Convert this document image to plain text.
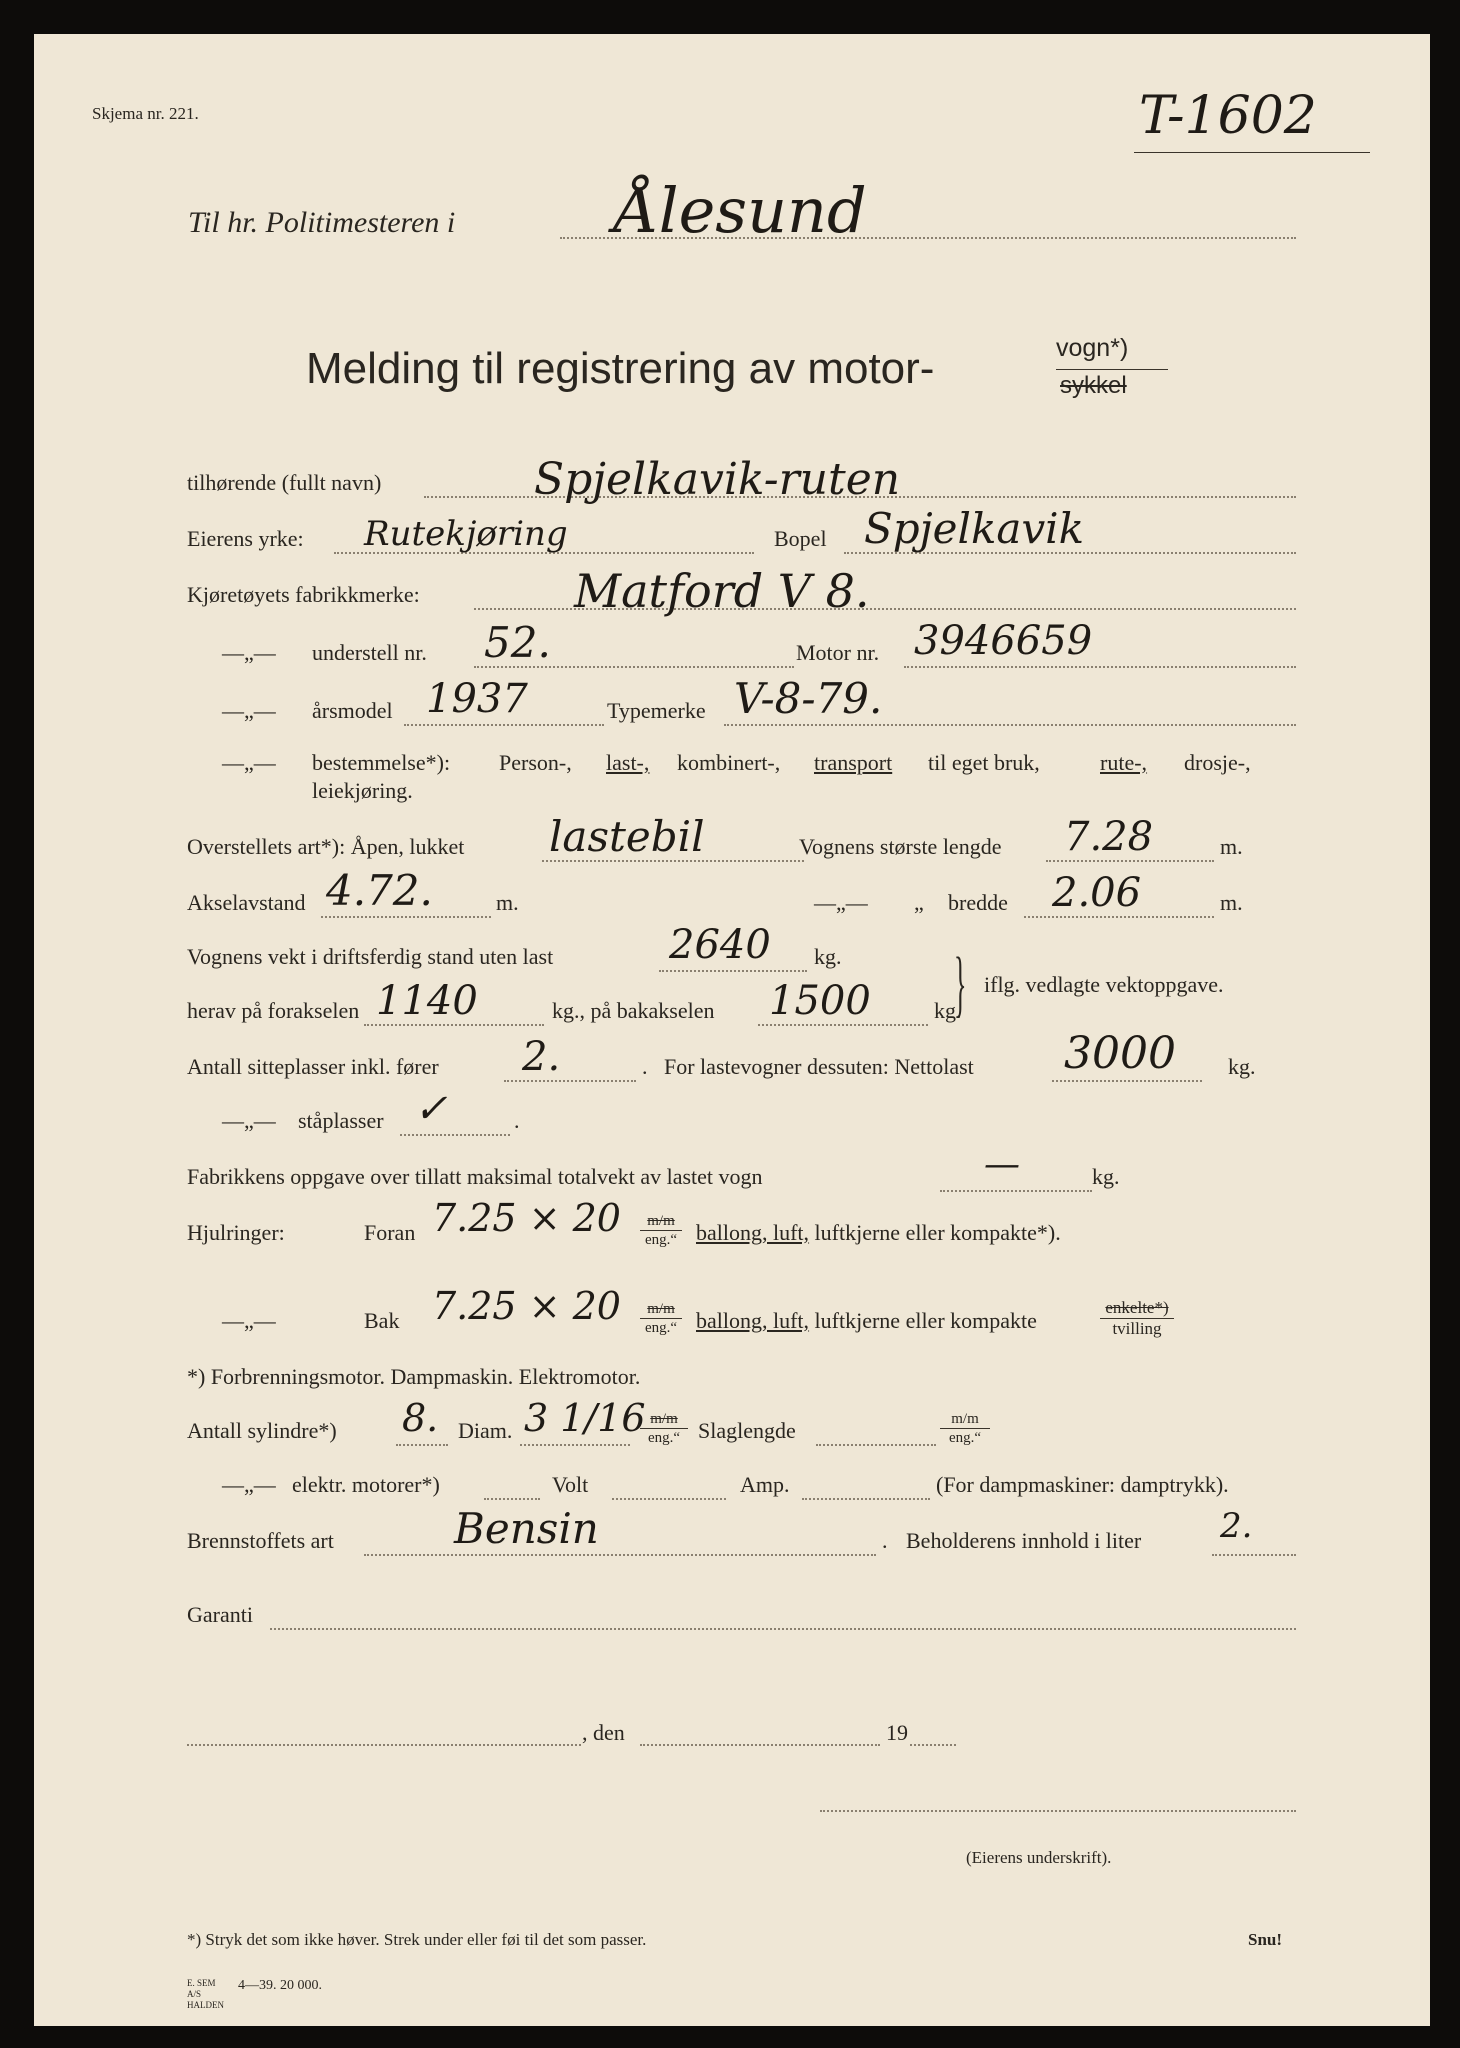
Skjema nr. 221.	T-1602
Til hr. Politimesteren i	Ålesund
Melding til registrering av motor-	vogn*)
sykkel
tilhørende (fullt navn)	Spjelkavik-ruten
Eierens yrke: Rutekjøring	Bopel Spjelkavik
Kjøretøyets fabrikkmerke:	Matford V 8.
—„— understell nr. 52.	Motor nr. 3946659
—„— årsmodel 1937	Typemerke V-8-79.
—„— bestemmelse*): Person-, last-, kombinert-, transport til eget bruk,	rute-, drosje-,
leiekjøring.
Overstellets art*): Åpen, lukket lastebil	Vognens største lengde 7.28	m.
Akselavstand 4.72.	m.	—„— „ bredde 2.06	m.
Vognens vekt i driftsferdig stand uten last	2640 kg.
herav på forakselen 1140	kg., på bakakselen 1500	kg.
} iflg. vedlagte vektoppgave.
Antall sitteplasser inkl. fører 2.	. For lastevogner dessuten: Nettolast 3000 kg.
—„— ståplasser ✓	.
Fabrikkens oppgave over tillatt maksimal totalvekt av lastet vogn	—	kg.
Hjulringer:	Foran 7.25 × 20	m/m
eng.“ ballong, luft, luftkjerne eller kompakte*).
—„—	Bak 7.25 × 20	m/m
eng.“ ballong, luft, luftkjerne eller kompakte
enkelte*)
tvilling
*) Forbrenningsmotor. Dampmaskin. Elektromotor.
Antall sylindre*) 8. Diam. 3 1/16 m/m
eng.“ Slaglengde	m/m
eng.“
—„— elektr. motorer*)	Volt	Amp.	(For dampmaskiner: damptrykk).
Brennstoffets art	Bensin	. Beholderens innhold i liter 2.
Garanti
, den	19
(Eierens underskrift).
*) Stryk det som ikke høver. Strek under eller føi til det som passer.	Snu!
E. SEM A/S HALDEN
4—39. 20 000.
